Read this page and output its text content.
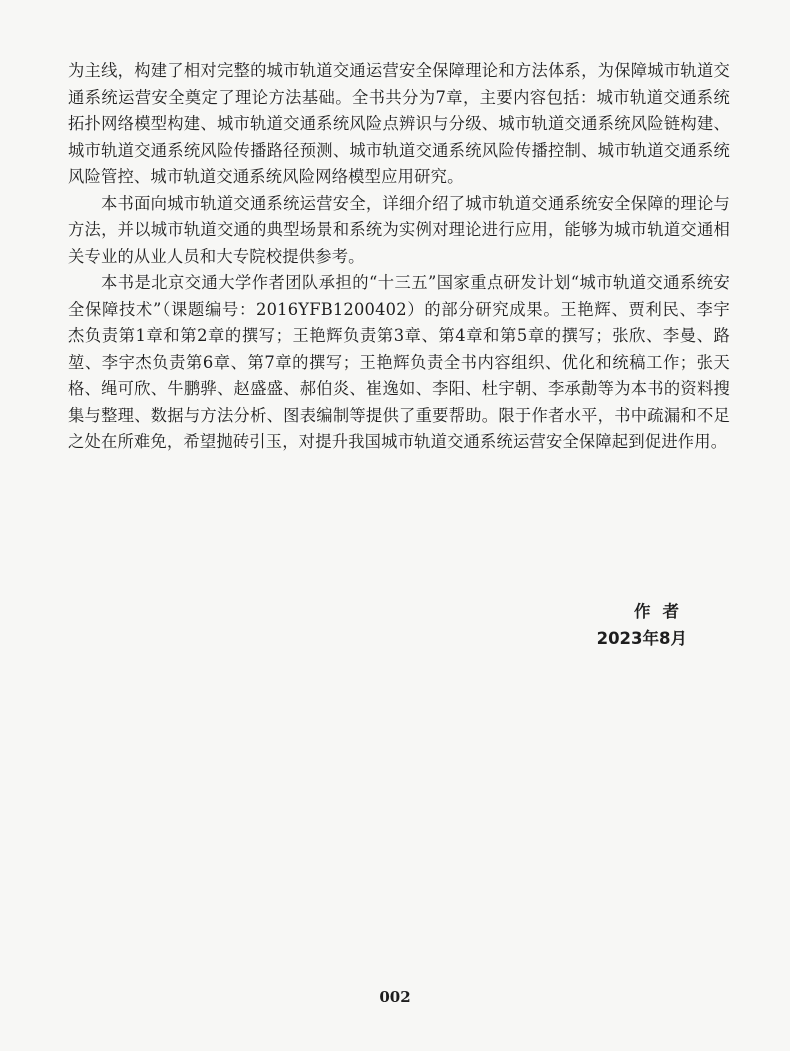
为主线，构建了相对完整的城市轨道交通运营安全保障理论和方法体系，为保障城市轨道交通系统运营安全奠定了理论方法基础。全书共分为7章，主要内容包括：城市轨道交通系统拓扑网络模型构建、城市轨道交通系统风险点辨识与分级、城市轨道交通系统风险链构建、城市轨道交通系统风险传播路径预测、城市轨道交通系统风险传播控制、城市轨道交通系统风险管控、城市轨道交通系统风险网络模型应用研究。

本书面向城市轨道交通系统运营安全，详细介绍了城市轨道交通系统安全保障的理论与方法，并以城市轨道交通的典型场景和系统为实例对理论进行应用，能够为城市轨道交通相关专业的从业人员和大专院校提供参考。

本书是北京交通大学作者团队承担的“十三五”国家重点研发计划“城市轨道交通系统安全保障技术”（课题编号：2016YFB1200402）的部分研究成果。王艳辉、贾利民、李宇杰负责第1章和第2章的撰写；王艳辉负责第3章、第4章和第5章的撰写；张欣、李曼、路堃、李宇杰负责第6章、第7章的撰写；王艳辉负责全书内容组织、优化和统稿工作；张天格、绳可欣、牛鹏骅、赵盛盛、郝伯炎、崔逸如、李阳、杜宇朝、李承勣等为本书的资料搜集与整理、数据与方法分析、图表编制等提供了重要帮助。限于作者水平，书中疏漏和不足之处在所难免，希望抛砖引玉，对提升我国城市轨道交通系统运营安全保障起到促进作用。

作者
2023年8月
002
